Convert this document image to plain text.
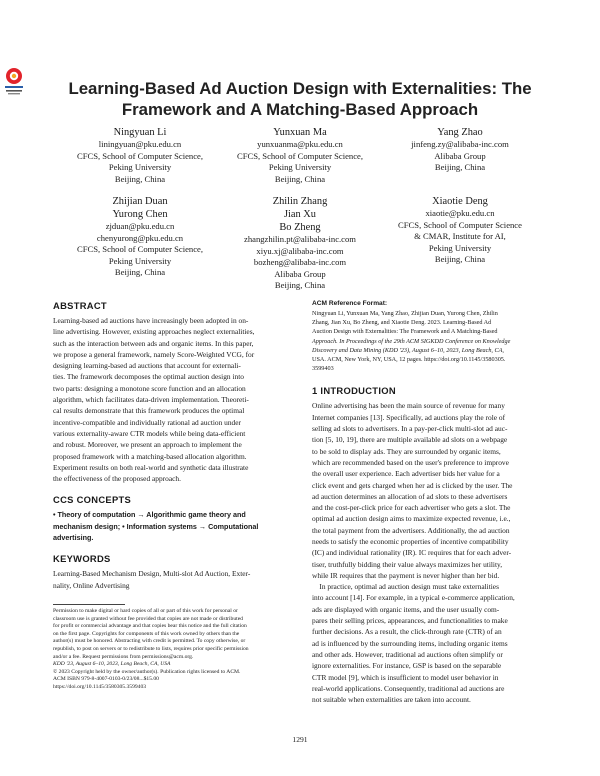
Learning-Based Ad Auction Design with Externalities: The
Framework and A Matching-Based Approach
Ningyuan Li
liningyuan@pku.edu.cn
CFCS, School of Computer Science,
Peking University
Beijing, China
Yunxuan Ma
yunxuanma@pku.edu.cn
CFCS, School of Computer Science,
Peking University
Beijing, China
Yang Zhao
jinfeng.zy@alibaba-inc.com
Alibaba Group
Beijing, China
Zhijian Duan
Yurong Chen
zjduan@pku.edu.cn
chenyurong@pku.edu.cn
CFCS, School of Computer Science,
Peking University
Beijing, China
Zhilin Zhang
Jian Xu
Bo Zheng
zhangzhilin.pt@alibaba-inc.com
xiyu.xj@alibaba-inc.com
bozheng@alibaba-inc.com
Alibaba Group
Beijing, China
Xiaotie Deng
xiaotie@pku.edu.cn
CFCS, School of Computer Science
& CMAR, Institute for AI,
Peking University
Beijing, China

ABSTRACT

Learning-based ad auctions have increasingly been adopted in on-
line advertising. However, existing approaches neglect externalities,
such as the interaction between ads and organic items. In this paper,
we propose a general framework, namely Score-Weighted VCG, for
designing learning-based ad auctions that account for externali-
ties. The framework decomposes the optimal auction design into
two parts: designing a monotone score function and an allocation
algorithm, which facilitates data-driven implementation. Theoreti-
cal results demonstrate that this framework produces the optimal
incentive-compatible and individually rational ad auction under
various externality-aware CTR models while being data-efficient
and robust. Moreover, we present an approach to implement the
proposed framework with a matching-based allocation algorithm.
Experiment results on both real-world and synthetic data illustrate
the effectiveness of the proposed approach.

CCS CONCEPTS

• Theory of computation → Algorithmic game theory and
mechanism design; • Information systems → Computational
advertising.

KEYWORDS

Learning-Based Mechanism Design, Multi-slot Ad Auction, Exter-
nality, Online Advertising
Permission to make digital or hard copies of all or part of this work for personal or
classroom use is granted without fee provided that copies are not made or distributed
for profit or commercial advantage and that copies bear this notice and the full citation
on the first page. Copyrights for components of this work owned by others than the
author(s) must be honored. Abstracting with credit is permitted. To copy otherwise, or
republish, to post on servers or to redistribute to lists, requires prior specific permission
and/or a fee. Request permissions from permissions@acm.org.
KDD '23, August 6–10, 2023, Long Beach, CA, USA
© 2023 Copyright held by the owner/author(s). Publication rights licensed to ACM.
ACM ISBN 979-8-4007-0103-0/23/08...$15.00
https://doi.org/10.1145/3580305.3599403
ACM Reference Format:
Ningyuan Li, Yunxuan Ma, Yang Zhao, Zhijian Duan, Yurong Chen, Zhilin
Zhang, Jian Xu, Bo Zheng, and Xiaotie Deng. 2023. Learning-Based Ad
Auction Design with Externalities: The Framework and A Matching-Based
Approach. In Proceedings of the 29th ACM SIGKDD Conference on Knowledge
Discovery and Data Mining (KDD '23), August 6–10, 2023, Long Beach, CA,
USA. ACM, New York, NY, USA, 12 pages. https://doi.org/10.1145/3580305.
3599403

1 INTRODUCTION

Online advertising has been the main source of revenue for many
Internet companies [13]. Specifically, ad auctions play the role of
selling ad slots to advertisers. In a pay-per-click multi-slot ad auc-
tion [5, 10, 19], there are multiple available ad slots on a webpage
to be sold to display ads. They are surrounded by organic items,
which are recommended based on the user's preference to improve
the overall user experience. Each advertiser bids her value for a
click event and gets charged when her ad is clicked by the user. The
ad auction determines an allocation of ad slots to these advertisers
and the cost-per-click price for each advertiser who gets a slot. The
optimal ad auction design aims to maximize expected revenue, i.e.,
the total payment from the advertisers. Additionally, the ad auction
needs to satisfy the economic properties of incentive compatibility
(IC) and individual rationality (IR). IC requires that for each adver-
tiser, truthfully bidding their value always maximizes her utility,
while IR requires that the payment is never higher than her bid.
In practice, optimal ad auction design must take externalities
into account [14]. For example, in a typical e-commerce application,
ads are displayed with organic items, and the user usually com-
pares their selling prices, appearances, and functionalities to make
further decisions. As a result, the click-through rate (CTR) of an
ad is influenced by the surrounding items, including organic items
and other ads. However, traditional ad auctions often simplify or
ignore externalities. For instance, GSP is based on the separable
CTR model [9], which is insufficient to model user behavior in
real-world applications. Consequently, traditional ad auctions are
not suitable when externalities are taken into account.
1291
